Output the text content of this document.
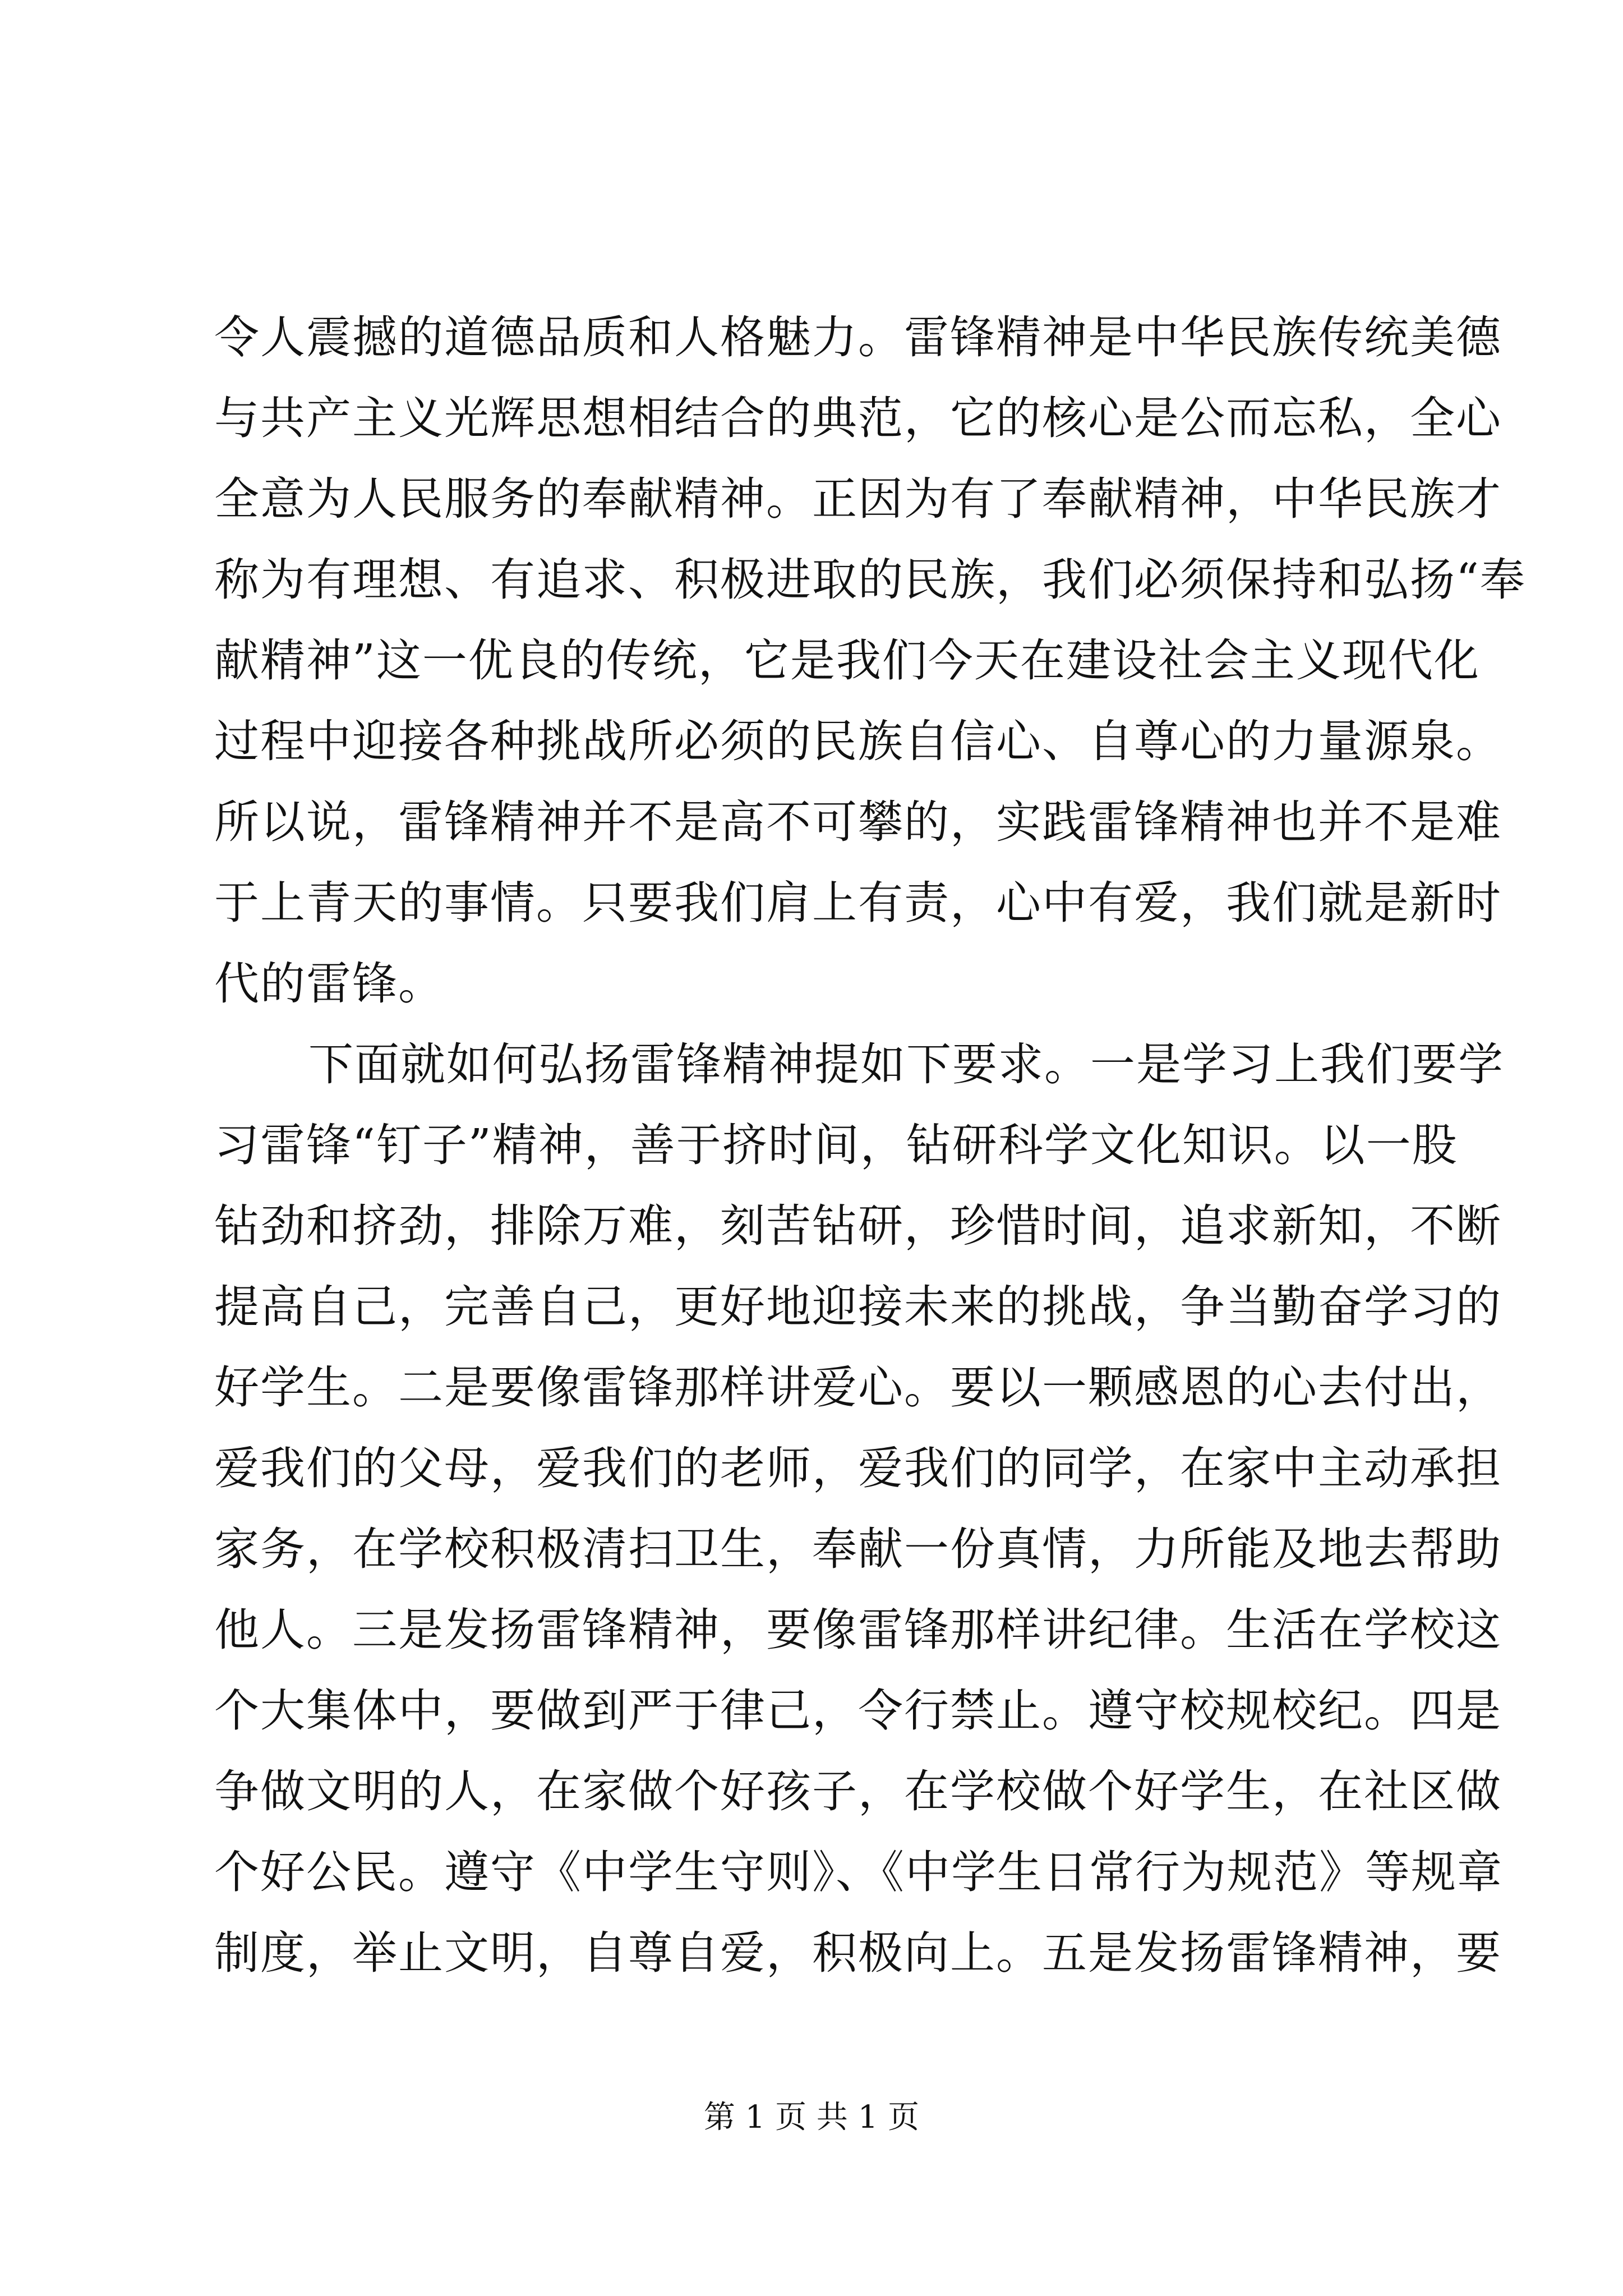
令人震撼的道德品质和人格魅力。雷锋精神是中华民族传统美德
与共产主义光辉思想相结合的典范，它的核心是公而忘私，全心
全意为人民服务的奉献精神。正因为有了奉献精神，中华民族才
称为有理想、有追求、积极进取的民族，我们必须保持和弘扬“奉
献精神”这一优良的传统，它是我们今天在建设社会主义现代化
过程中迎接各种挑战所必须的民族自信心、自尊心的力量源泉。
所以说，雷锋精神并不是高不可攀的，实践雷锋精神也并不是难
于上青天的事情。只要我们肩上有责，心中有爱，我们就是新时
代的雷锋。
下面就如何弘扬雷锋精神提如下要求。一是学习上我们要学
习雷锋“钉子”精神，善于挤时间，钻研科学文化知识。以一股
钻劲和挤劲，排除万难，刻苦钻研，珍惜时间，追求新知，不断
提高自己，完善自己，更好地迎接未来的挑战，争当勤奋学习的
好学生。二是要像雷锋那样讲爱心。要以一颗感恩的心去付出，
爱我们的父母，爱我们的老师，爱我们的同学，在家中主动承担
家务，在学校积极清扫卫生，奉献一份真情，力所能及地去帮助
他人。三是发扬雷锋精神，要像雷锋那样讲纪律。生活在学校这
个大集体中，要做到严于律己，令行禁止。遵守校规校纪。四是
争做文明的人，在家做个好孩子，在学校做个好学生，在社区做
个好公民。遵守《中学生守则》、《中学生日常行为规范》等规章
制度，举止文明，自尊自爱，积极向上。五是发扬雷锋精神，要
第 1 页 共 1 页
